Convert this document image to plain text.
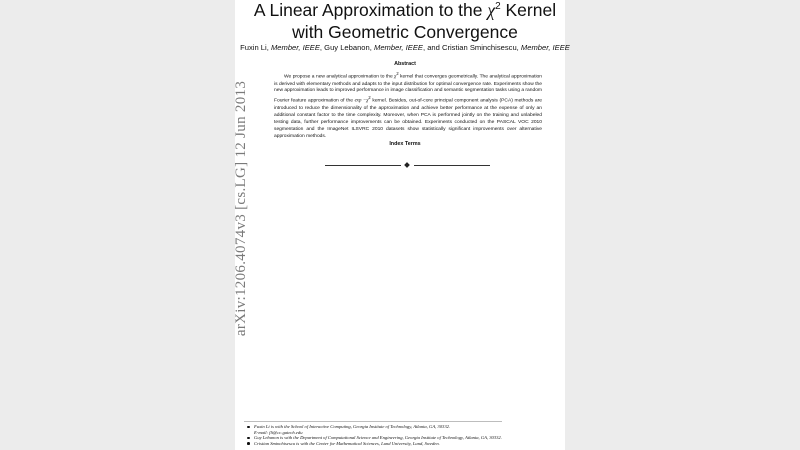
arXiv:1206.4074v3 [cs.LG] 12 Jun 2013
A Linear Approximation to the $\chi^2$ Kernel with Geometric Convergence
Fuxin Li, Member, IEEE, Guy Lebanon, Member, IEEE, and Cristian Sminchisescu, Member, IEEE
Abstract
We propose a new analytical approximation to the $\chi^2$ kernel that converges geometrically. The analytical approximation is derived with elementary methods and adapts to the input distribution for optimal convergence rate. Experiments show the new approximation leads to improved performance in image classification and semantic segmentation tasks using a random Fourier feature approximation of the $\exp -\chi^2$ kernel. Besides, out-of-core principal component analysis (PCA) methods are introduced to reduce the dimensionality of the approximation and achieve better performance at the expense of only an additional constant factor to the time complexity. Moreover, when PCA is performed jointly on the training and unlabeled testing data, further performance improvements can be obtained. Experiments conducted on the PASCAL VOC 2010 segmentation and the ImageNet ILSVRC 2010 datasets show statistically significant improvements over alternative approximation methods.
Index Terms
Fuxin Li is with the School of Interactive Computing, Georgia Institute of Technology, Atlanta, GA, 30332.
E-mail: fli@cc.gatech.edu
Guy Lebanon is with the Department of Computational Science and Engineering, Georgia Institute of Technology, Atlanta, GA, 30332.
Cristian Sminchisescu is with the Center for Mathematical Sciences, Lund University, Lund, Sweden.
